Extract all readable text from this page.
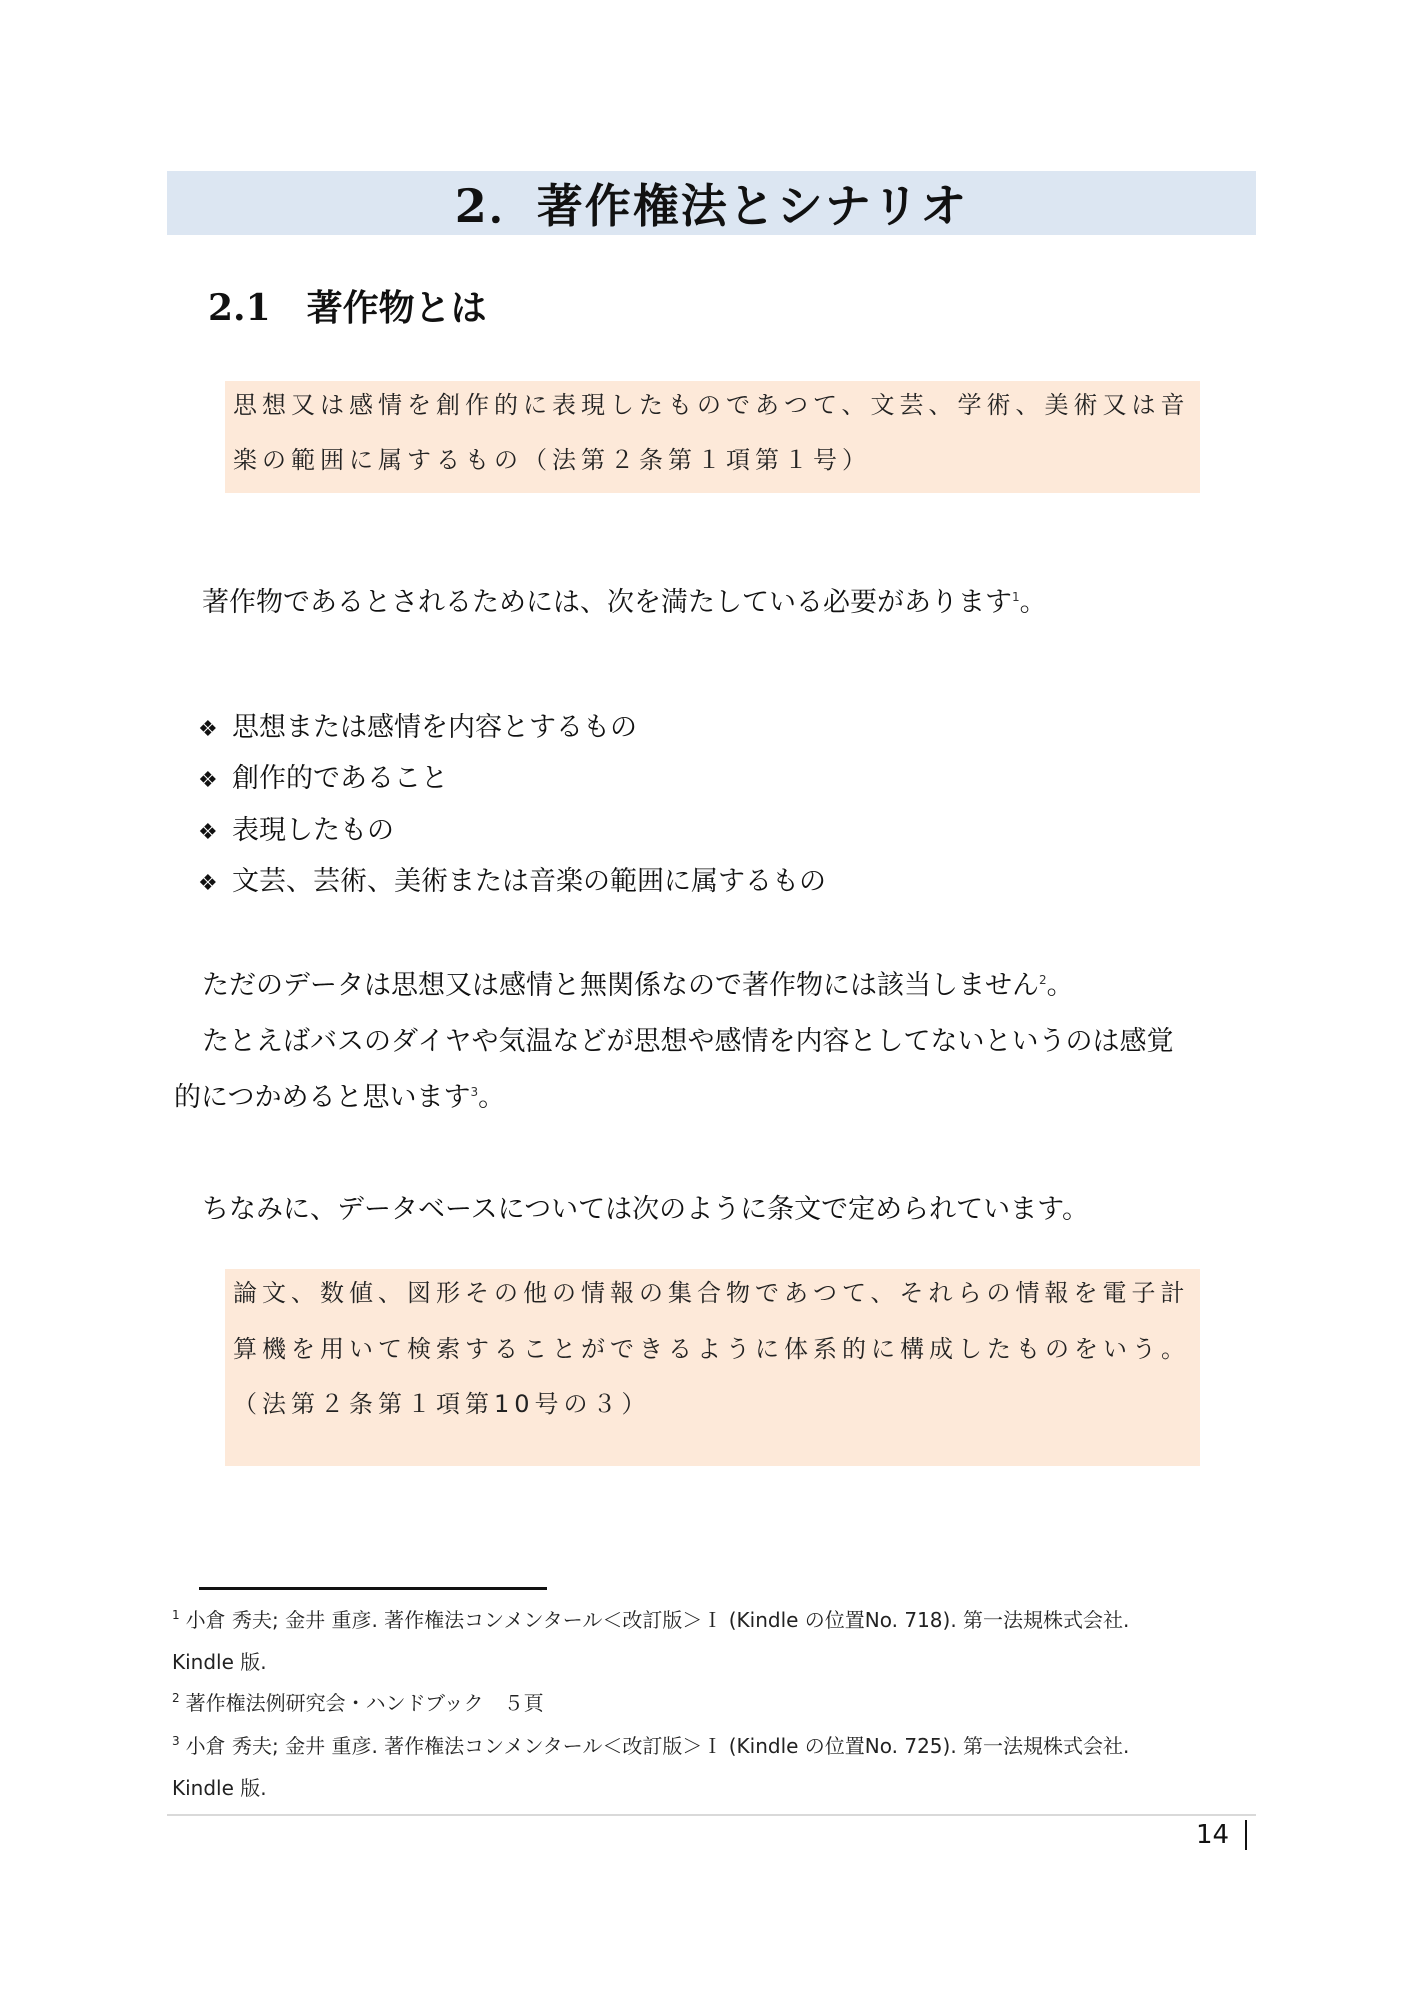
2．著作権法とシナリオ
2.1 著作物とは
思想又は感情を創作的に表現したものであつて、文芸、学術、美術又は音
楽の範囲に属するもの（法第２条第１項第１号）
著作物であるとされるためには、次を満たしている必要があります$^1$。
❖ 思想または感情を内容とするもの
❖ 創作的であること
❖ 表現したもの
❖ 文芸、芸術、美術または音楽の範囲に属するもの
ただのデータは思想又は感情と無関係なので著作物には該当しません$^2$。
たとえばバスのダイヤや気温などが思想や感情を内容としてないというのは感覚
的につかめると思います$^3$。
ちなみに、データベースについては次のように条文で定められています。
論文、数値、図形その他の情報の集合物であつて、それらの情報を電子計
算機を用いて検索することができるように体系的に構成したものをいう。
（法第２条第１項第10号の３）
$^1$ 小倉 秀夫; 金井 重彦. 著作権法コンメンタール＜改訂版＞Ｉ (Kindle の位置No. 718). 第一法規株式会社.
Kindle 版.
$^2$ 著作権法例研究会・ハンドブック　５頁
$^3$ 小倉 秀夫; 金井 重彦. 著作権法コンメンタール＜改訂版＞Ｉ (Kindle の位置No. 725). 第一法規株式会社.
Kindle 版.
14
